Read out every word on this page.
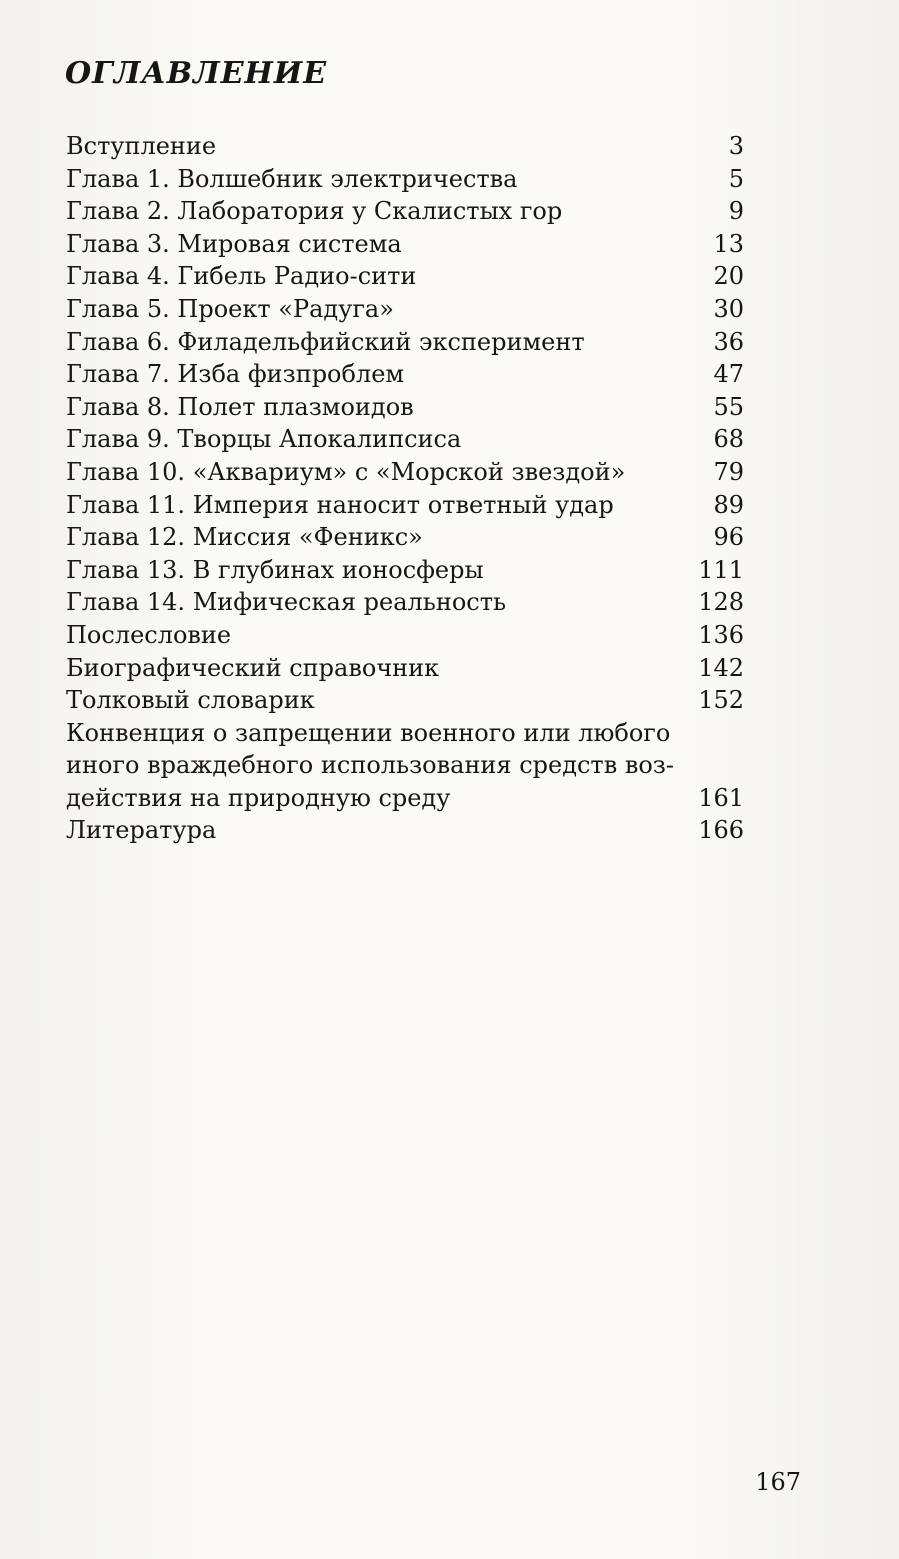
ОГЛАВЛЕНИЕ
Вступление	3
Глава 1. Волшебник электричества	5
Глава 2. Лаборатория у Скалистых гор	9
Глава 3. Мировая система	13
Глава 4. Гибель Радио-сити	20
Глава 5. Проект «Радуга»	30
Глава 6. Филадельфийский эксперимент	36
Глава 7. Изба физпроблем	47
Глава 8. Полет плазмоидов	55
Глава 9. Творцы Апокалипсиса	68
Глава 10. «Аквариум» с «Морской звездой»	79
Глава 11. Империя наносит ответный удар	89
Глава 12. Миссия «Феникс»	96
Глава 13. В глубинах ионосферы	111
Глава 14. Мифическая реальность	128
Послесловие	136
Биографический справочник	142
Толковый словарик	152
Конвенция о запрещении военного или любого
иного враждебного использования средств воз-
действия на природную среду	161
Литература	166
167
